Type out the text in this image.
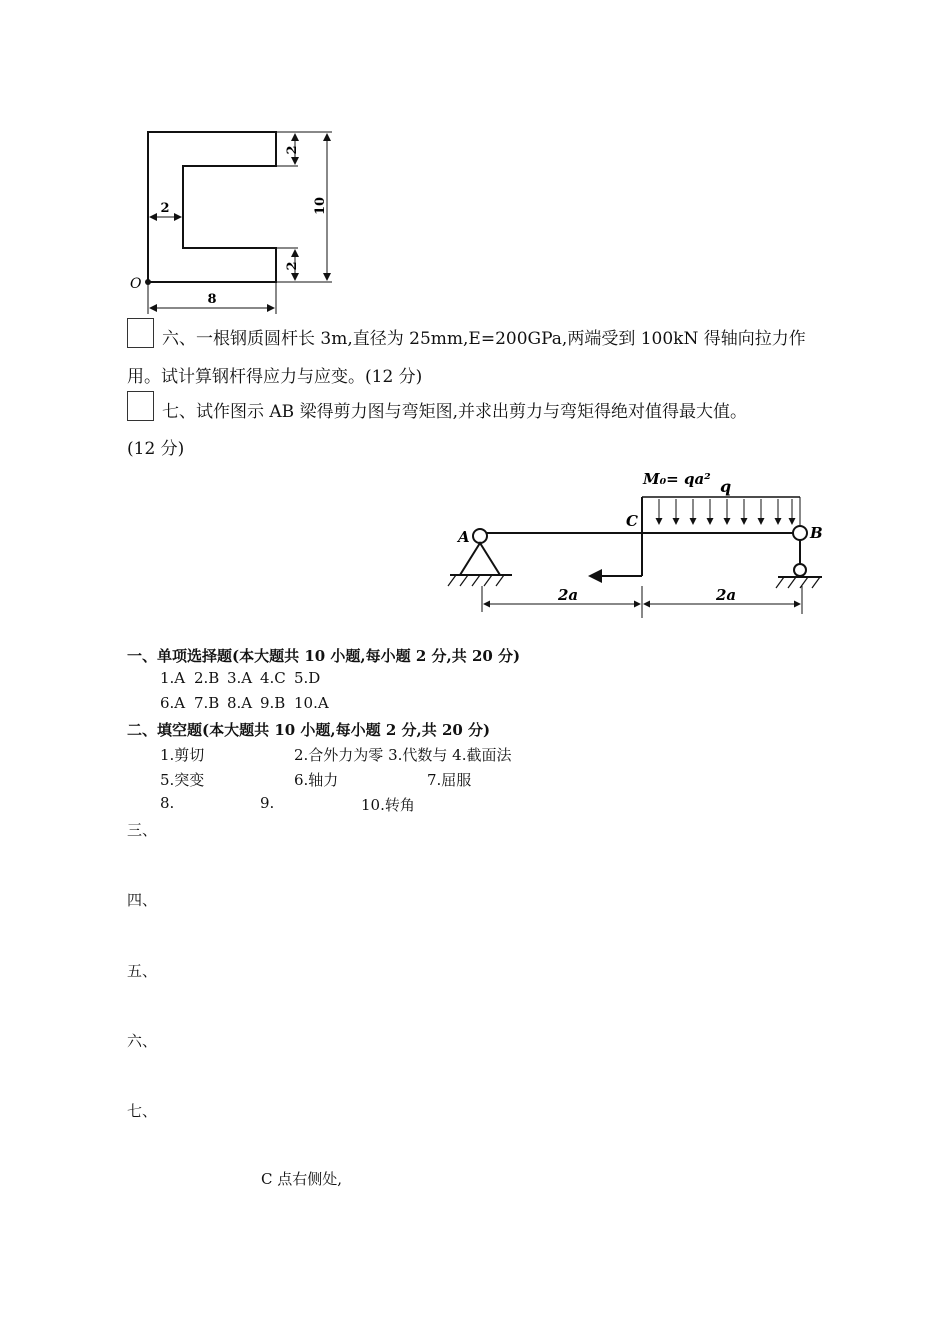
2
10
2
2
8
O
六、一根钢质圆杆长 3m,直径为 25mm,E=200GPa,两端受到 100kN 得轴向拉力作
用。试计算钢杆得应力与应变。(12 分)
七、试作图示 AB 梁得剪力图与弯矩图,并求出剪力与弯矩得绝对值得最大值。
(12 分)
A	B
C
M₀= qa² q
2a	2a
一、单项选择题(本大题共 10 小题,每小题 2 分,共 20 分)
1.A 2.B 3.A 4.C 5.D
6.A 7.B 8.A 9.B 10.A
二、填空题(本大题共 10 小题,每小题 2 分,共 20 分)
1.剪切	2.合外力为零 3.代数与 4.截面法
5.突变	6.轴力	7.屈服
8.	9.	10.转角
三、
四、
五、
六、
七、
C 点右侧处,
